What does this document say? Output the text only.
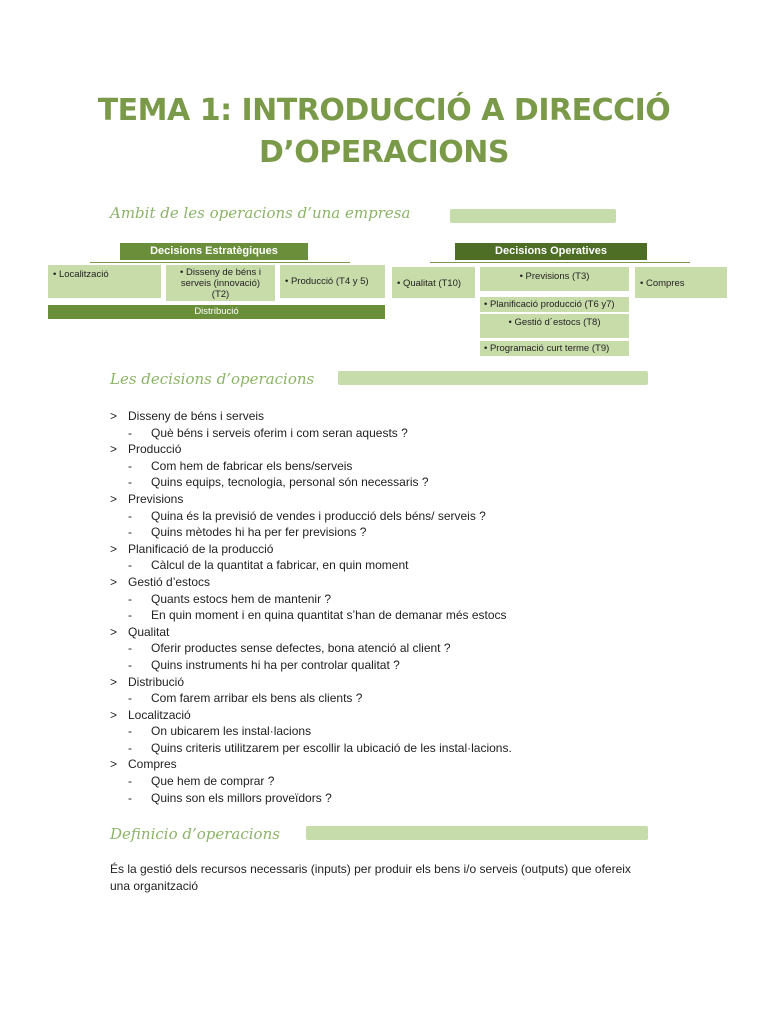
TEMA 1: INTRODUCCIÓ A DIRECCIÓ
D’OPERACIONS
Ambit de les operacions d’una empresa
Decisions Estratègiques
• Localització	• Disseny de béns i serveis (innovació) (T2)
• Producció (T4 y 5)
Distribució
Decisions Operatives
• Qualitat (T10)
• Previsions (T3)
• Compres
• Planificació producció (T6 y7)
• Gestió d´estocs (T8)
• Programació curt terme (T9)
Les decisions d’operacions
> Disseny de béns i serveis
- Què béns i serveis oferim i com seran aquests ?
> Producció
- Com hem de fabricar els bens/serveis
- Quins equips, tecnologia, personal són necessaris ?
> Previsions
- Quina és la previsió de vendes i producció dels béns/ serveis ?
- Quins mètodes hi ha per fer previsions ?
> Planificació de la producció
- Càlcul de la quantitat a fabricar, en quin moment
> Gestió d’estocs
- Quants estocs hem de mantenir ?
- En quin moment i en quina quantitat s’han de demanar més estocs
> Qualitat
- Oferir productes sense defectes, bona atenció al client ?
- Quins instruments hi ha per controlar qualitat ?
> Distribució
- Com farem arribar els bens als clients ?
> Localització
- On ubicarem les instal·lacions
- Quins criteris utilitzarem per escollir la ubicació de les instal·lacions.
> Compres
- Que hem de comprar ?
- Quins son els millors proveïdors ?
Definicio d’operacions

És la gestió dels recursos necessaris (inputs) per produir els bens i/o serveis (outputs) que ofereix una organització
